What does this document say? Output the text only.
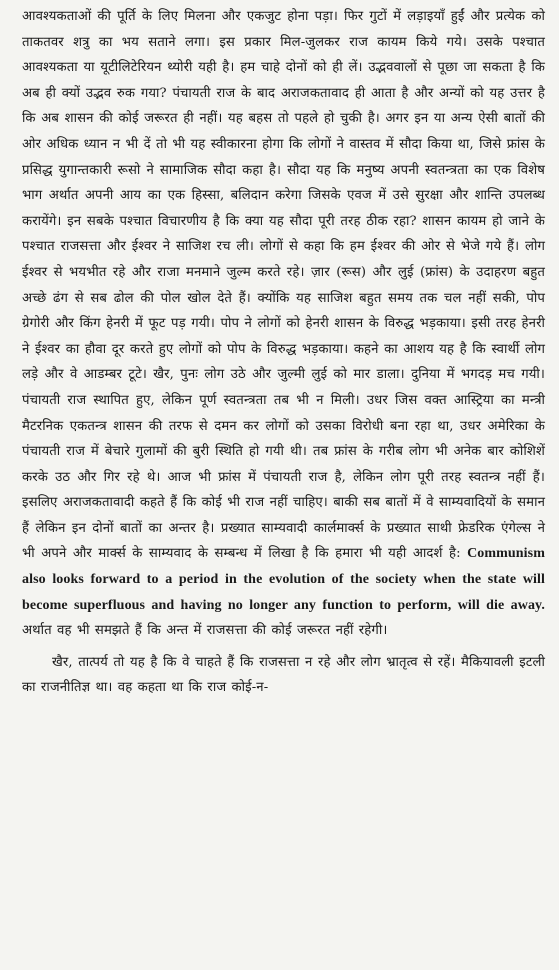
आवश्यकताओं की पूर्ति के लिए मिलना और एकजुट होना पड़ा। फिर गुटों में लड़ाइयाँ हुईं और प्रत्येक को ताकतवर शत्रु का भय सताने लगा। इस प्रकार मिल-जुलकर राज कायम किये गये। उसके पश्चात आवश्यकता या यूटीलिटेरियन थ्योरी यही है। हम चाहे दोनों को ही लें। उद्भववालों से पूछा जा सकता है कि अब ही क्यों उद्भव रुक गया? पंचायती राज के बाद अराजकतावाद ही आता है और अन्यों को यह उत्तर है कि अब शासन की कोई जरूरत ही नहीं। यह बहस तो पहले हो चुकी है। अगर इन या अन्य ऐसी बातों की ओर अधिक ध्यान न भी दें तो भी यह स्वीकारना होगा कि लोगों ने वास्तव में सौदा किया था, जिसे फ्रांस के प्रसिद्ध युगान्तकारी रूसो ने सामाजिक सौदा कहा है। सौदा यह कि मनुष्य अपनी स्वतन्त्रता का एक विशेष भाग अर्थात अपनी आय का एक हिस्सा, बलिदान करेगा जिसके एवज में उसे सुरक्षा और शान्ति उपलब्ध करायेंगे। इन सबके पश्चात विचारणीय है कि क्या यह सौदा पूरी तरह ठीक रहा? शासन कायम हो जाने के पश्चात राजसत्ता और ईश्वर ने साजिश रच ली। लोगों से कहा कि हम ईश्वर की ओर से भेजे गये हैं। लोग ईश्वर से भयभीत रहे और राजा मनमाने जुल्म करते रहे। ज़ार (रूस) और लुई (फ्रांस) के उदाहरण बहुत अच्छे ढंग से सब ढोल की पोल खोल देते हैं। क्योंकि यह साजिश बहुत समय तक चल नहीं सकी, पोप ग्रेगोरी और किंग हेनरी में फूट पड़ गयी। पोप ने लोगों को हेनरी शासन के विरुद्ध भड़काया। इसी तरह हेनरी ने ईश्वर का हौवा दूर करते हुए लोगों को पोप के विरुद्ध भड़काया। कहने का आशय यह है कि स्वार्थी लोग लड़े और वे आडम्बर टूटे। खैर, पुनः लोग उठे और जुल्मी लुई को मार डाला। दुनिया में भगदड़ मच गयी। पंचायती राज स्थापित हुए, लेकिन पूर्ण स्वतन्त्रता तब भी न मिली। उधर जिस वक्त आस्ट्रिया का मन्त्री मैटरनिक एकतन्त्र शासन की तरफ से दमन कर लोगों को उसका विरोधी बना रहा था, उधर अमेरिका के पंचायती राज में बेचारे गुलामों की बुरी स्थिति हो गयी थी। तब फ्रांस के गरीब लोग भी अनेक बार कोशिशें करके उठ और गिर रहे थे। आज भी फ्रांस में पंचायती राज है, लेकिन लोग पूरी तरह स्वतन्त्र नहीं हैं। इसलिए अराजकतावादी कहते हैं कि कोई भी राज नहीं चाहिए। बाकी सब बातों में वे साम्यवादियों के समान हैं लेकिन इन दोनों बातों का अन्तर है। प्रख्यात साम्यवादी कार्लमार्क्स के प्रख्यात साथी फ्रेडरिक एंगेल्स ने भी अपने और मार्क्स के साम्यवाद के सम्बन्ध में लिखा है कि हमारा भी यही आदर्श है: Communism also looks forward to a period in the evolution of the society when the state will become superfluous and having no longer any function to perform, will die away. अर्थात वह भी समझते हैं कि अन्त में राजसत्ता की कोई जरूरत नहीं रहेगी।

खैर, तात्पर्य तो यह है कि वे चाहते हैं कि राजसत्ता न रहे और लोग भ्रातृत्व से रहें। मैकियावली इटली का राजनीतिज्ञ था। वह कहता था कि राज कोई-न-
